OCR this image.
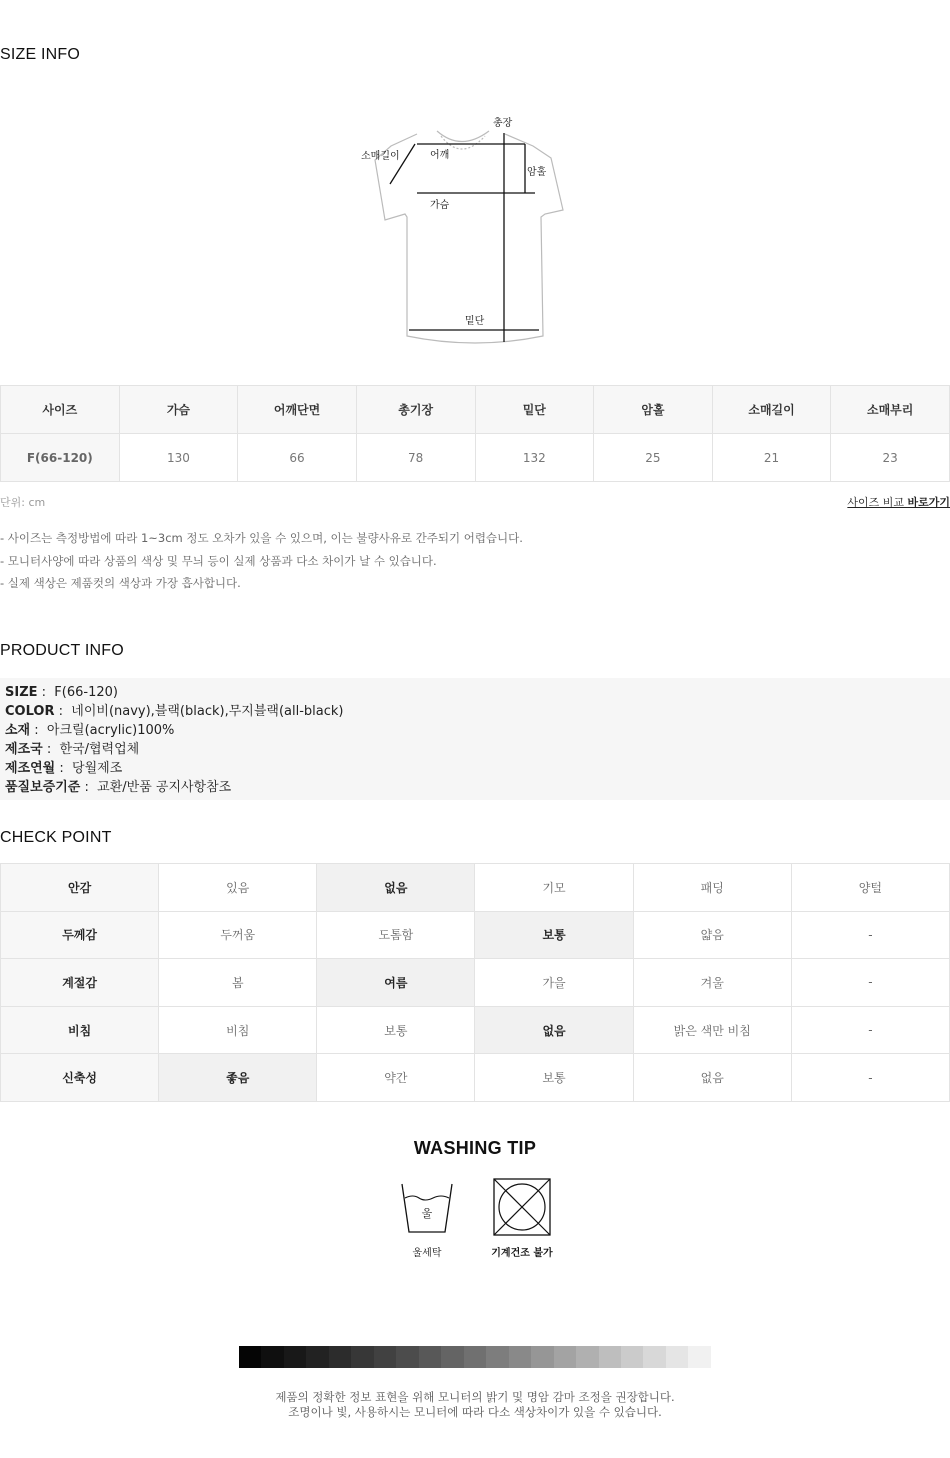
SIZE INFO
총장
소매길이	어깨
암홀
가슴
밑단
사이즈	가슴	어깨단면	총기장	밑단	암홀	소매길이	소매부리
F(66-120)	130	66	78	132	25	21	23
단위: cm	사이즈 비교 바로가기
- 사이즈는 측정방법에 따라 1~3cm 정도 오차가 있을 수 있으며, 이는 불량사유로 간주되기 어렵습니다.
- 모니터사양에 따라 상품의 색상 및 무늬 등이 실제 상품과 다소 차이가 날 수 있습니다.
- 실제 색상은 제품컷의 색상과 가장 흡사합니다.
PRODUCT INFO
SIZE :  F(66-120)
COLOR :  네이비(navy),블랙(black),무지블랙(all-black)
소재 :  아크릴(acrylic)100%
제조국 :  한국/협력업체
제조연월 :  당월제조
품질보증기준 :  교환/반품 공지사항참조
CHECK POINT
안감	있음	없음	기모	패딩	양털
두께감	두꺼움	도톰함	보통	얇음	-
계절감	봄	여름	가을	겨울	-
비침	비침	보통	없음	밝은 색만 비침	-
신축성	좋음	약간	보통	없음	-
WASHING TIP
울
울세탁	기계건조 불가
제품의 정확한 정보 표현을 위해 모니터의 밝기 및 명암 감마 조정을 권장합니다.
조명이나 빛, 사용하시는 모니터에 따라 다소 색상차이가 있을 수 있습니다.
